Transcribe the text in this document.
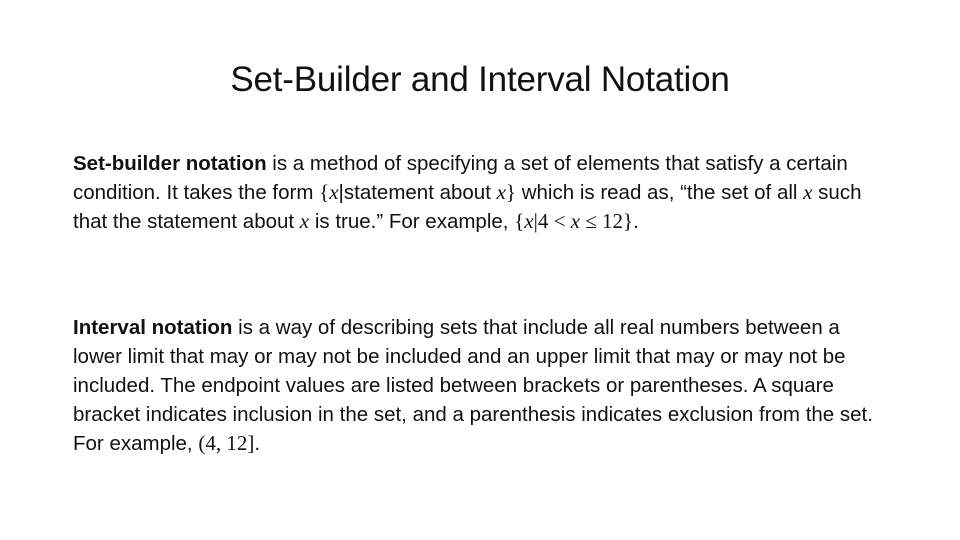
Set-Builder and Interval Notation

Set-builder notation is a method of specifying a set of elements that satisfy a certain condition. It takes the form {x|statement about x} which is read as, “the set of all x such that the statement about x is true.” For example, {x|4 < x ≤ 12}.

Interval notation is a way of describing sets that include all real numbers between a lower limit that may or may not be included and an upper limit that may or may not be included. The endpoint values are listed between brackets or parentheses. A square bracket indicates inclusion in the set, and a parenthesis indicates exclusion from the set. For example, (4, 12].
